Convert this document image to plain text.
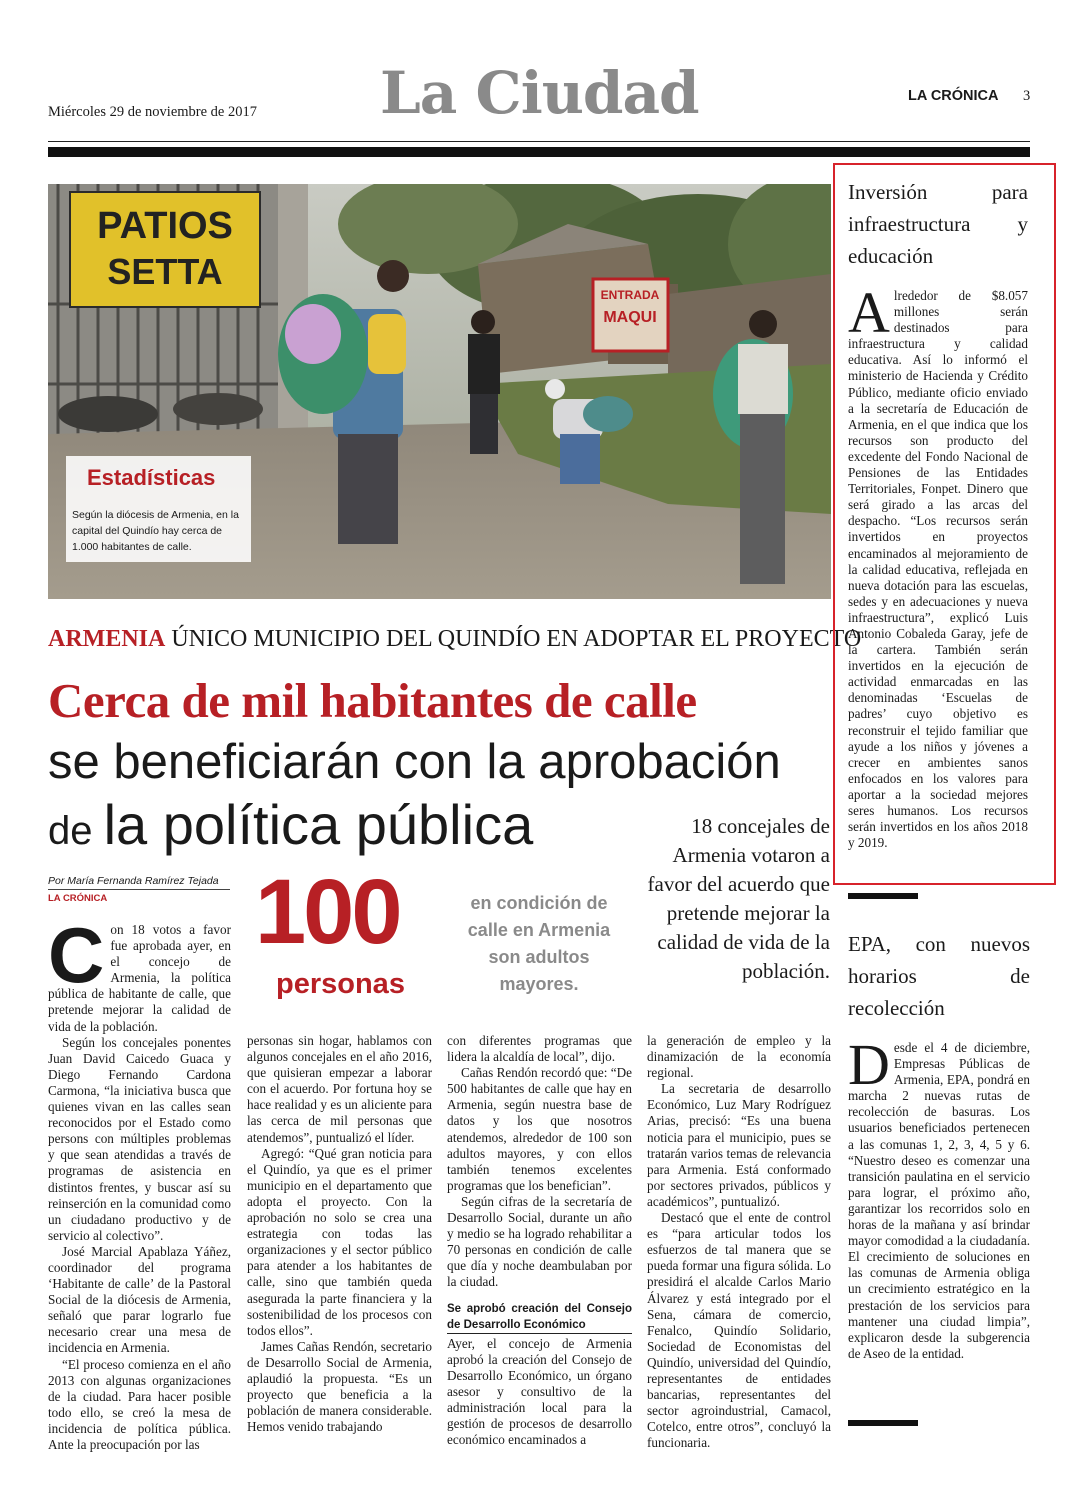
Miércoles 29 de noviembre de 2017 La Ciudad	LA CRÓNICA 3
PATIOS
SETTA
ENTRADA
MAQUI
Estadísticas
Según la diócesis de Armenia, en la capital del Quindío hay cerca de 1.000 habitantes de calle.
ARMENIA ÚNICO MUNICIPIO DEL QUINDÍO EN ADOPTAR EL PROYECTO
Cerca de mil habitantes de calle
se beneficiarán con la aprobación
de la política pública	18 concejales de Armenia votaron a favor del acuerdo que pretende mejorar la calidad de vida de la población.
Por María Fernanda Ramírez Tejada
LA CRÓNICA 100
personas
en condición de calle en Armenia son adultos mayores.
C on 18 votos a favor fue aprobada ayer, en el concejo de Armenia, la política pública de habitante de calle, que pretende mejorar la calidad de vida de la población.

Según los concejales ponentes Juan David Caicedo Guaca y Diego Fernando Cardona Carmona, “la iniciativa busca que quienes vivan en las calles sean reconocidos por el Estado como persons con múltiples problemas y que sean atendidas a través de programas de asistencia en distintos frentes, y buscar así su reinserción en la comunidad como un ciudadano productivo y de servicio al colectivo”.

José Marcial Apablaza Yáñez, coordinador del programa ‘Habitante de calle’ de la Pastoral Social de la diócesis de Armenia, señaló que parar lograrlo fue necesario crear una mesa de incidencia en Armenia.

“El proceso comienza en el año 2013 con algunas organizaciones de la ciudad. Para hacer posible todo ello, se creó la mesa de incidencia de política pública. Ante la preocupación por las

personas sin hogar, hablamos con algunos concejales en el año 2016, que quisieran empezar a laborar con el acuerdo. Por fortuna hoy se hace realidad y es un aliciente para las cerca de mil personas que atendemos”, puntualizó el líder.

Agregó: “Qué gran noticia para el Quindío, ya que es el primer municipio en el departamento que adopta el proyecto. Con la aprobación no solo se crea una estrategia con todas las organizaciones y el sector público para atender a los habitantes de calle, sino que también queda asegurada la parte financiera y la sostenibilidad de los procesos con todos ellos”.

James Cañas Rendón, secretario de Desarrollo Social de Armenia, aplaudió la propuesta. “Es un proyecto que beneficia a la población de manera considerable. Hemos venido trabajando

con diferentes programas que lidera la alcaldía de local”, dijo.

Cañas Rendón recordó que: “De 500 habitantes de calle que hay en Armenia, según nuestra base de datos y los que nosotros atendemos, alrededor de 100 son adultos mayores, y con ellos también tenemos excelentes programas que los benefician”.

Según cifras de la secretaría de Desarrollo Social, durante un año y medio se ha logrado rehabilitar a 70 personas en condición de calle que día y noche deambulaban por la ciudad.

Se aprobó creación del Consejo de Desarrollo Económico

Ayer, el concejo de Armenia aprobó la creación del Consejo de Desarrollo Económico, un órgano asesor y consultivo de la administración local para la gestión de procesos de desarrollo económico encaminados a

la generación de empleo y la dinamización de la economía regional.

La secretaria de desarrollo Económico, Luz Mary Rodríguez Arias, precisó: “Es una buena noticia para el municipio, pues se tratarán varios temas de relevancia para Armenia. Está conformado por sectores privados, públicos y académicos”, puntualizó.

Destacó que el ente de control es “para articular todos los esfuerzos de tal manera que se pueda formar una figura sólida. Lo presidirá el alcalde Carlos Mario Álvarez y está integrado por el Sena, cámara de comercio, Fenalco, Quindío Solidario, Sociedad de Economistas del Quindío, universidad del Quindío, representantes de entidades bancarias, representantes del sector agroindustrial, Camacol, Cotelco, entre otros”, concluyó la funcionaria.

Inversión para infraestructura y educación
A lrededor de $8.057 millones serán destinados para infraestructura y calidad educativa. Así lo informó el ministerio de Hacienda y Crédito Público, mediante oficio enviado a la secretaría de Educación de Armenia, en el que indica que los recursos son producto del excedente del Fondo Nacional de Pensiones de las Entidades Territoriales, Fonpet. Dinero que será girado a las arcas del despacho. “Los recursos serán invertidos en proyectos encaminados al mejoramiento de la calidad educativa, reflejada en nueva dotación para las escuelas, sedes y en adecuaciones y nueva infraestructura”, explicó Luis Antonio Cobaleda Garay, jefe de la cartera. También serán invertidos en la ejecución de actividad enmarcadas en las denominadas ‘Escuelas de padres’ cuyo objetivo es reconstruir el tejido familiar que ayude a los niños y jóvenes a crecer en ambientes sanos enfocados en los valores para aportar a la sociedad mejores seres humanos. Los recursos serán invertidos en los años 2018 y 2019.

EPA, con nuevos horarios de recolección
D esde el 4 de diciembre, Empresas Públicas de Armenia, EPA, pondrá en marcha 2 nuevas rutas de recolección de basuras. Los usuarios beneficiados pertenecen a las comunas 1, 2, 3, 4, 5 y 6. “Nuestro deseo es comenzar una transición paulatina en el servicio para lograr, el próximo año, garantizar los recorridos solo en horas de la mañana y así brindar mayor comodidad a la ciudadanía. El crecimiento de soluciones en las comunas de Armenia obliga un crecimiento estratégico en la prestación de los servicios para mantener una ciudad limpia”, explicaron desde la subgerencia de Aseo de la entidad.
